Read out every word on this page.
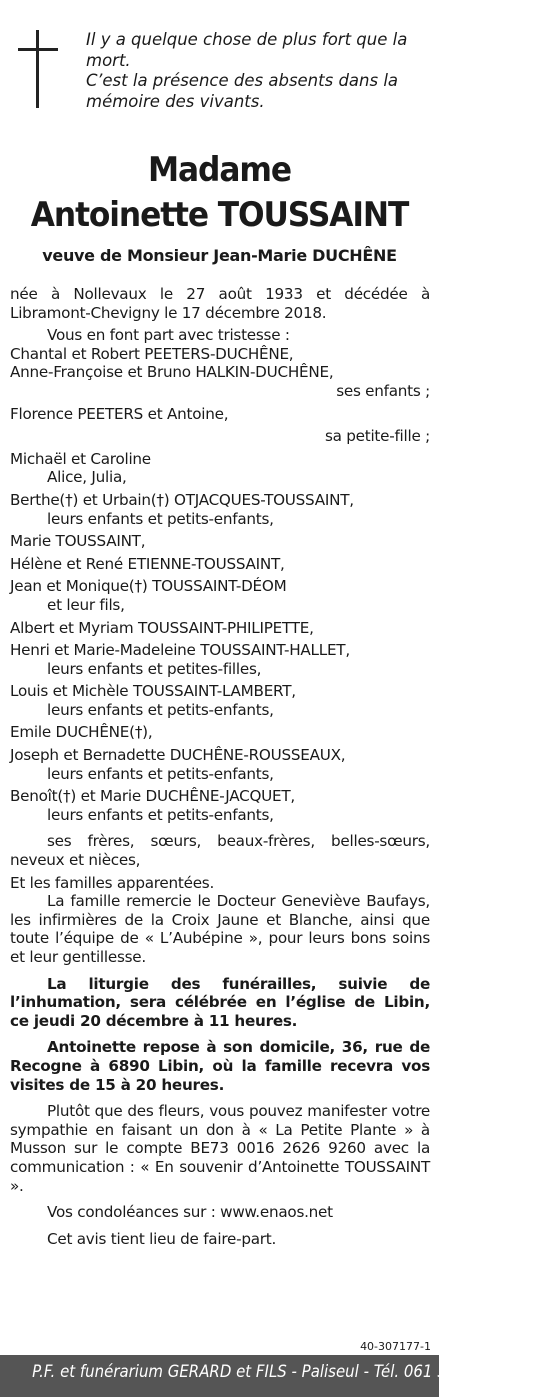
Il y a quelque chose de plus fort que la

mort.

C’est la présence des absents dans la

mémoire des vivants.

Madame
Antoinette TOUSSAINT
veuve de Monsieur Jean-Marie DUCHÊNE

née à Nollevaux le 27 août 1933 et décédée à

Libramont-Chevigny le 17 décembre 2018.

Vous en font part avec tristesse :

Chantal et Robert PEETERS-DUCHÊNE,

Anne-Françoise et Bruno HALKIN-DUCHÊNE,

ses enfants ;

Florence PEETERS et Antoine,

sa petite-fille ;

Michaël et Caroline

Alice, Julia,

Berthe(†) et Urbain(†) OTJACQUES-TOUSSAINT,

leurs enfants et petits-enfants,

Marie TOUSSAINT,

Hélène et René ETIENNE-TOUSSAINT,

Jean et Monique(†) TOUSSAINT-DÉOM

et leur fils,

Albert et Myriam TOUSSAINT-PHILIPETTE,

Henri et Marie-Madeleine TOUSSAINT-HALLET,

leurs enfants et petites-filles,

Louis et Michèle TOUSSAINT-LAMBERT,

leurs enfants et petits-enfants,

Emile DUCHÊNE(†),

Joseph et Bernadette DUCHÊNE-ROUSSEAUX,

leurs enfants et petits-enfants,

Benoît(†) et Marie DUCHÊNE-JACQUET,

leurs enfants et petits-enfants,

ses frères, sœurs, beaux-frères, belles-sœurs,

neveux et nièces,

Et les familles apparentées.

La famille remercie le Docteur Geneviève Baufays, les infirmières de la Croix Jaune et Blanche, ainsi que toute l’équipe de « L’Aubépine », pour leurs bons soins et leur gentillesse.

La liturgie des funérailles, suivie de l’inhumation, sera célébrée en l’église de Libin, ce jeudi 20 décembre à 11 heures.

Antoinette repose à son domicile, 36, rue de Recogne à 6890 Libin, où la famille recevra vos visites de 15 à 20 heures.

Plutôt que des fleurs, vous pouvez manifester votre sympathie en faisant un don à « La Petite Plante » à Musson sur le compte BE73 0016 2626 9260 avec la communication : « En souvenir d’Antoinette TOUSSAINT ».

Vos condoléances sur : www.enaos.net

Cet avis tient lieu de faire-part.

40-307177-1
P.F. et funérarium GERARD et FILS - Paliseul - Tél. 061 53 32 84
